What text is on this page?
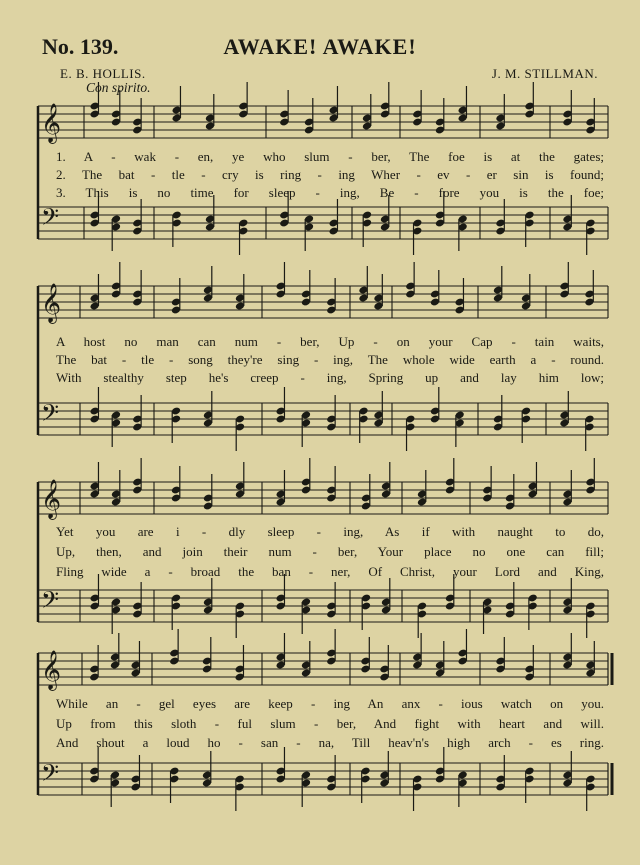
No. 139.	AWAKE! AWAKE!
E. B. HOLLIS.	J. M. STILLMAN.
Con spirito.
𝄞
𝄢
1. A - wak - en, ye who slum - ber, The foe is at the gates;
2. The bat - tle - cry is ring - ing Wher - ev - er sin is found;
3. This is no time for sleep - ing, Be - fore you is the foe;
𝄞
𝄢
A host no man can num - ber, Up - on your Cap - tain waits,
The bat - tle - song they're sing - ing, The whole wide earth a - round.
With stealthy step he's creep - ing, Spring up and lay him low;
𝄞
𝄢
Yet you are i - dly sleep - ing, As if with naught to do,
Up, then, and join their num - ber, Your place no one can fill;
Fling wide a - broad the ban - ner, Of Christ, your Lord and King,
𝄞
𝄢
While an - gel eyes are keep - ing An anx - ious watch on you.
Up from this sloth - ful slum - ber, And fight with heart and will.
And shout a loud ho - san - na, Till heav'n's high arch - es ring.
